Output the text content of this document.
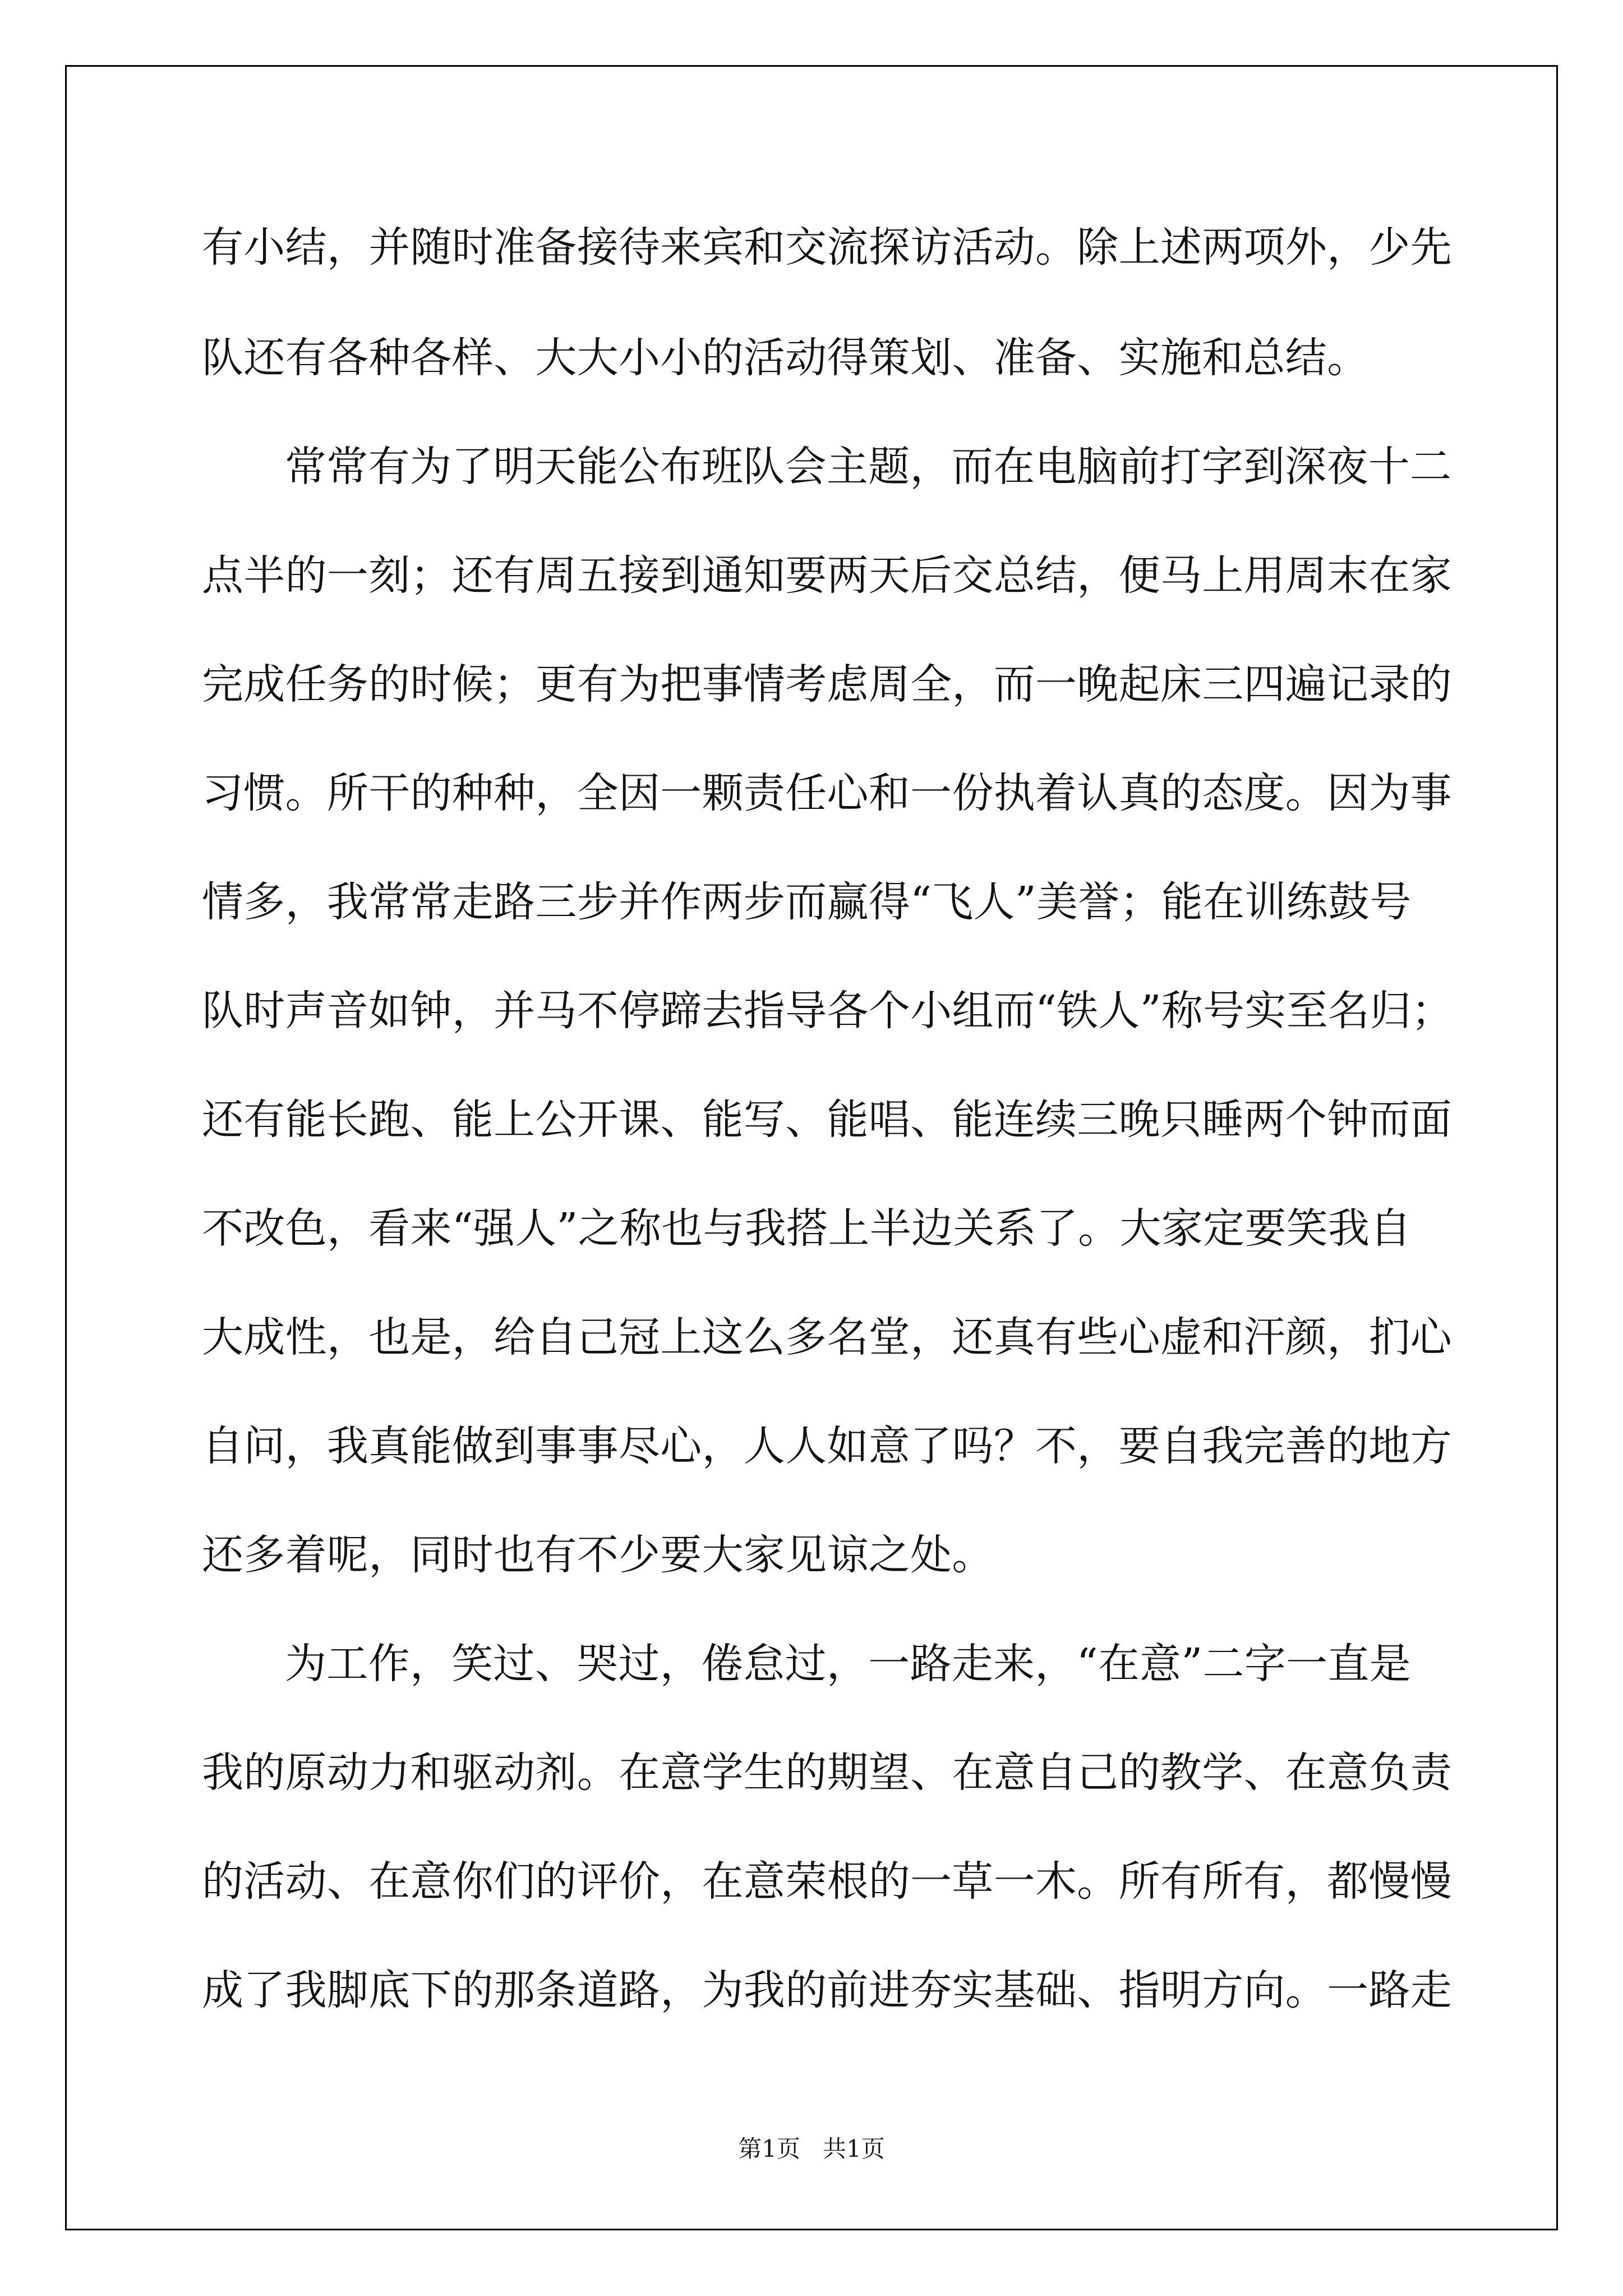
有小结，并随时准备接待来宾和交流探访活动。除上述两项外，少先
队还有各种各样、大大小小的活动得策划、准备、实施和总结。
常常有为了明天能公布班队会主题，而在电脑前打字到深夜十二
点半的一刻；还有周五接到通知要两天后交总结，便马上用周末在家
完成任务的时候；更有为把事情考虑周全，而一晚起床三四遍记录的
习惯。所干的种种，全因一颗责任心和一份执着认真的态度。因为事
情多，我常常走路三步并作两步而赢得“飞人”美誉；能在训练鼓号
队时声音如钟，并马不停蹄去指导各个小组而“铁人”称号实至名归；
还有能长跑、能上公开课、能写、能唱、能连续三晚只睡两个钟而面
不改色，看来“强人”之称也与我搭上半边关系了。大家定要笑我自
大成性，也是，给自己冠上这么多名堂，还真有些心虚和汗颜，扪心
自问，我真能做到事事尽心，人人如意了吗？不，要自我完善的地方
还多着呢，同时也有不少要大家见谅之处。
为工作，笑过、哭过，倦怠过，一路走来，“在意”二字一直是
我的原动力和驱动剂。在意学生的期望、在意自己的教学、在意负责
的活动、在意你们的评价，在意荣根的一草一木。所有所有，都慢慢
成了我脚底下的那条道路，为我的前进夯实基础、指明方向。一路走
第1页   共1页
